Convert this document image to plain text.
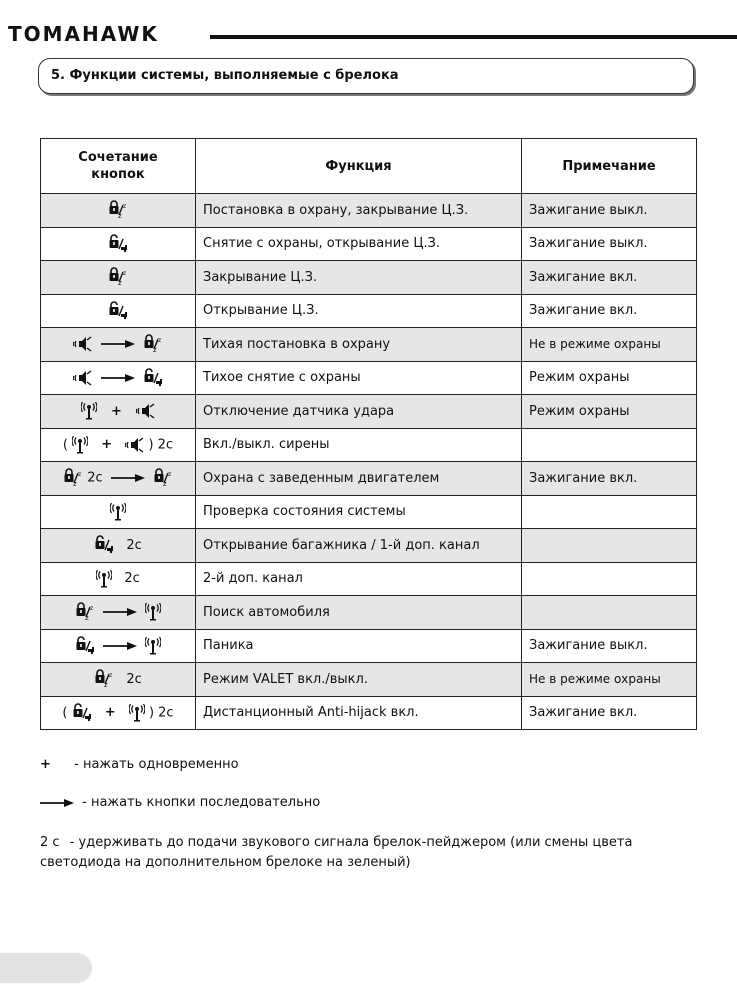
TOMAHAWK
5. Функции системы, выполняемые с брелока
Сочетание
кнопок	Функция	Примечание
	Постановка в охрану, закрывание Ц.З.	Зажигание выкл.
	Снятие с охраны, открывание Ц.З.	Зажигание выкл.
	Закрывание Ц.З.	Зажигание вкл.
	Открывание Ц.З.	Зажигание вкл.
	Тихая постановка в охрану	Не в режиме охраны
	Тихое снятие с охраны	Режим охраны
+	Отключение датчика удара	Режим охраны
( + ) 2с	Вкл./выкл. сирены	
2с	Охрана с заведенным двигателем	Зажигание вкл.
	Проверка состояния системы	
2с	Открывание багажника / 1-й доп. канал	
2с	2-й доп. канал	
	Поиск автомобиля	
	Паника	Зажигание выкл.
2с	Режим VALET вкл./выкл.	Не в режиме охраны
( + ) 2с	Дистанционный Anti-hijack вкл.	Зажигание вкл.
+ - нажать одновременно
- нажать кнопки последовательно
2 с - удерживать до подачи звукового сигнала брелок-пейджером (или смены цвета светодиода на дополнительном брелоке на зеленый)
